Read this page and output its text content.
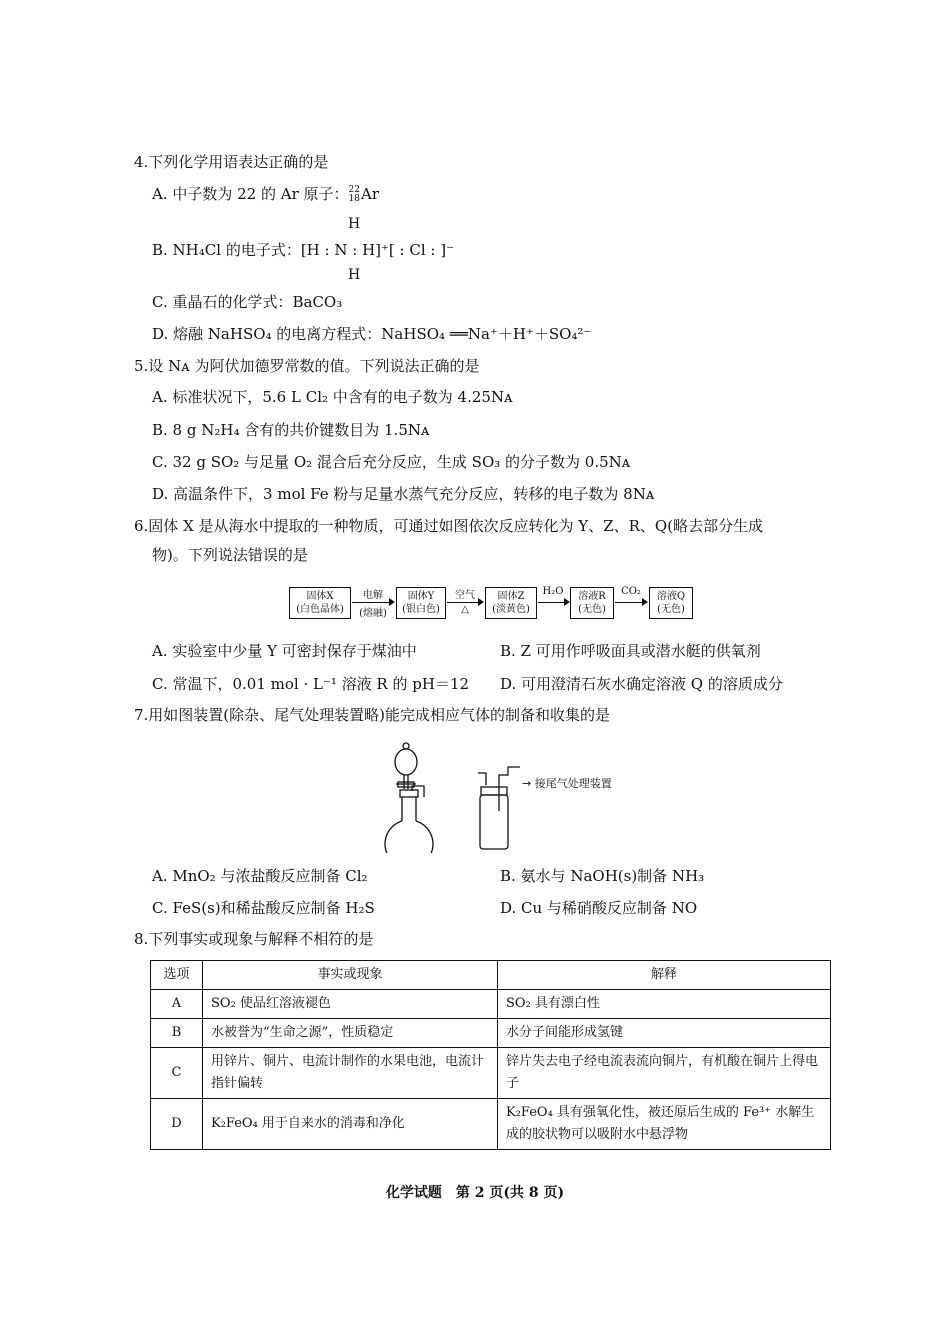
4.下列化学用语表达正确的是
A. 中子数为 22 的 Ar 原子：22
18Ar
H
B. NH₄Cl 的电子式：[H : N : H]⁺[ : Cl : ]⁻
H
C. 重晶石的化学式：BaCO₃
D. 熔融 NaHSO₄ 的电离方程式：NaHSO₄ ══Na⁺＋H⁺＋SO₄²⁻
5.设 Nᴀ 为阿伏加德罗常数的值。下列说法正确的是
A. 标准状况下，5.6 L Cl₂ 中含有的电子数为 4.25Nᴀ
B. 8 g N₂H₄ 含有的共价键数目为 1.5Nᴀ
C. 32 g SO₂ 与足量 O₂ 混合后充分反应，生成 SO₃ 的分子数为 0.5Nᴀ
D. 高温条件下，3 mol Fe 粉与足量水蒸气充分反应，转移的电子数为 8Nᴀ
6.固体 X 是从海水中提取的一种物质，可通过如图依次反应转化为 Y、Z、R、Q(略去部分生成
物)。下列说法错误的是
固体X
(白色晶体)
电解
(熔融)
固体Y
(银白色)
空气
△
固体Z
(淡黄色)
H₂O	溶液R
(无色)
CO₂	溶液Q
(无色)
A. 实验室中少量 Y 可密封保存于煤油中	B. Z 可用作呼吸面具或潜水艇的供氧剂
C. 常温下，0.01 mol · L⁻¹ 溶液 R 的 pH＝12 D. 可用澄清石灰水确定溶液 Q 的溶质成分
7.用如图装置(除杂、尾气处理装置略)能完成相应气体的制备和收集的是
→ 接尾气处理装置
A. MnO₂ 与浓盐酸反应制备 Cl₂	B. 氨水与 NaOH(s)制备 NH₃
C. FeS(s)和稀盐酸反应制备 H₂S	D. Cu 与稀硝酸反应制备 NO
8.下列事实或现象与解释不相符的是
选项	事实或现象	解释
A	SO₂ 使品红溶液褪色	SO₂ 具有漂白性
B	水被誉为“生命之源”，性质稳定	水分子间能形成氢键
C	用锌片、铜片、电流计制作的水果电池，电流计指针偏转	锌片失去电子经电流表流向铜片，有机酸在铜片上得电子
D	K₂FeO₄ 用于自来水的消毒和净化	K₂FeO₄ 具有强氧化性，被还原后生成的 Fe³⁺ 水解生成的胶状物可以吸附水中悬浮物
化学试题　第 2 页(共 8 页)
